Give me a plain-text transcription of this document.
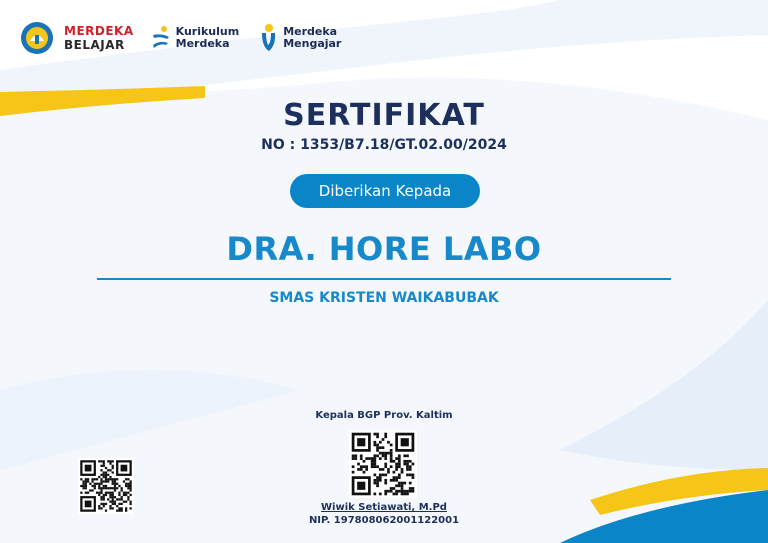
MERDEKA
BELAJAR
Kurikulum
Merdeka
Merdeka
Mengajar
SERTIFIKAT
NO : 1353/B7.18/GT.02.00/2024
Diberikan Kepada
DRA. HORE LABO
SMAS KRISTEN WAIKABUBAK
Kepala BGP Prov. Kaltim
Wiwik Setiawati, M.Pd
NIP. 197808062001122001
